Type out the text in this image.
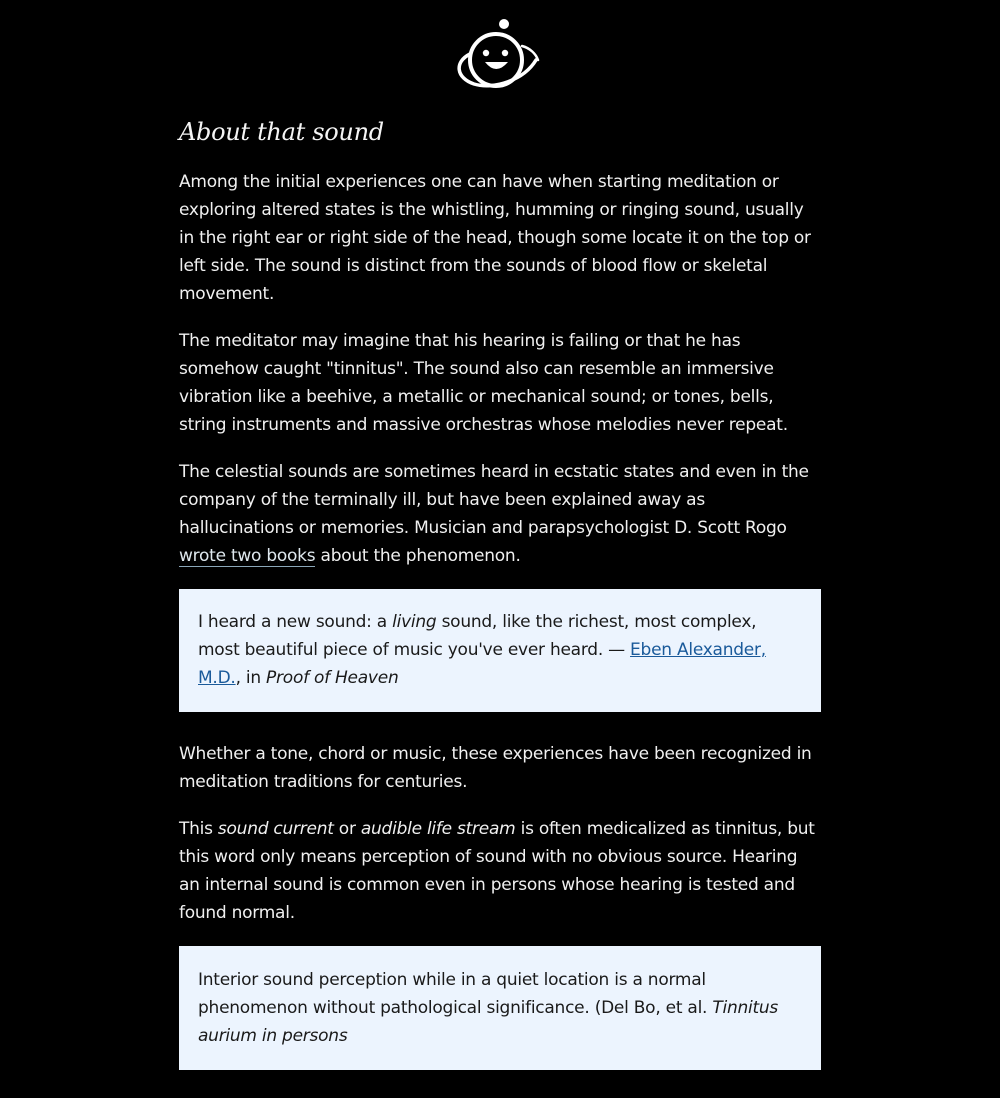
About that sound

Among the initial experiences one can have when starting meditation or exploring altered states is the whistling, humming or ringing sound, usually in the right ear or right side of the head, though some locate it on the top or left side. The sound is distinct from the sounds of blood flow or skeletal movement.

The meditator may imagine that his hearing is failing or that he has somehow caught "tinnitus". The sound also can resemble an immersive vibration like a beehive, a metallic or mechanical sound; or tones, bells, string instruments and massive orchestras whose melodies never repeat.

The celestial sounds are sometimes heard in ecstatic states and even in the company of the terminally ill, but have been explained away as hallucinations or memories. Musician and parapsychologist D. Scott Rogo wrote two books about the phenomenon.

I heard a new sound: a living sound, like the richest, most complex, most beautiful piece of music you've ever heard. — Eben Alexander, M.D., in Proof of Heaven

Whether a tone, chord or music, these experiences have been recognized in meditation traditions for centuries.

This sound current or audible life stream is often medicalized as tinnitus, but this word only means perception of sound with no obvious source. Hearing an internal sound is common even in persons whose hearing is tested and found normal.

Interior sound perception while in a quiet location is a normal phenomenon without pathological significance. (Del Bo, et al. Tinnitus aurium in persons
